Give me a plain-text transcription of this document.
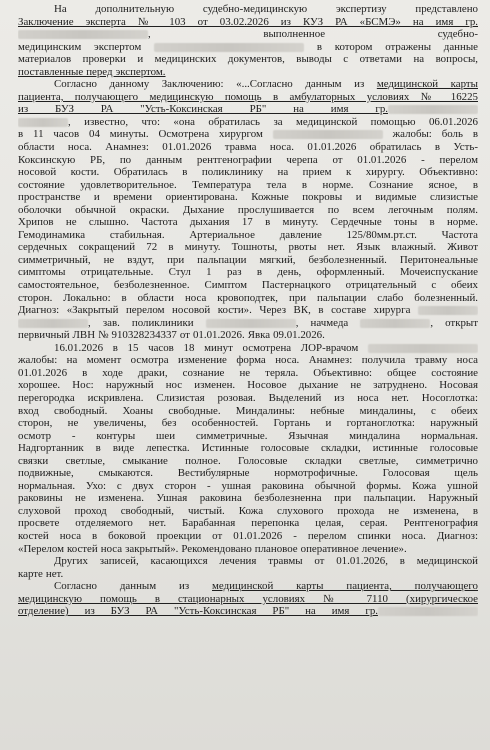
На дополнительную судебно-медицинскую экспертизу представлено
Заключение эксперта № 103 от 03.02.2026 из КУЗ РА «БСМЭ» на имя гр.
, выполненное судебно-
медицинским экспертом	в котором отражены данные
материалов проверки и медицинских документов, выводы с ответами на вопросы,
поставленные перед экспертом.
Согласно данному Заключению: «...Согласно данным из медицинской карты
пациента, получающего медицинскую помощь в амбулаторных условиях № 16225
из БУЗ РА "Усть-Коксинская РБ" на имя гр.
, известно, что: «она обратилась за медицинской помощью 06.01.2026
в 11 часов 04 минуты. Осмотрена хирургом	жалобы: боль в
области носа. Анамнез: 01.01.2026 травма носа. 01.01.2026 обратилась в Усть-
Коксинскую РБ, по данным рентгенографии черепа от 01.01.2026 - перелом
носовой кости. Обратилась в поликлинику на прием к хирургу. Объективно:
состояние удовлетворительное. Температура тела в норме. Сознание ясное, в
пространстве и времени ориентирована. Кожные покровы и видимые слизистые
оболочки обычной окраски. Дыхание прослушивается по всем легочным полям.
Хрипов не слышно. Частота дыхания 17 в минуту. Сердечные тоны в норме.
Гемодинамика стабильная. Артериальное давление 125/80мм.рт.ст. Частота
сердечных сокращений 72 в минуту. Тошноты, рвоты нет. Язык влажный. Живот
симметричный, не вздут, при пальпации мягкий, безболезненный. Перитонеальные
симптомы отрицательные. Стул 1 раз в день, оформленный. Мочеиспускание
самостоятельное, безболезненное. Симптом Пастернацкого отрицательный с обеих
сторон. Локально: в области носа кровоподтек, при пальпации слабо болезненный.
Диагноз: «Закрытый перелом носовой кости». Через ВК, в составе хирурга
, зав. поликлиники	, начмеда	, открыт
первичный ЛВН № 910328234337 от 01.01.2026. Явка 09.01.2026.
16.01.2026 в 15 часов 18 минут осмотрена ЛОР-врачом
жалобы: на момент осмотра изменение форма носа. Анамнез: получила травму носа
01.01.2026 в ходе драки, сознание не теряла. Объективно: общее состояние
хорошее. Нос: наружный нос изменен. Носовое дыхание не затруднено. Носовая
перегородка искривлена. Слизистая розовая. Выделений из носа нет. Носоглотка:
вход свободный. Хоаны свободные. Миндалины: небные миндалины, с обеих
сторон, не увеличены, без особенностей. Гортань и гортаноглотка: наружный
осмотр - контуры шеи симметричные. Язычная миндалина нормальная.
Надгортанник в виде лепестка. Истинные голосовые складки, истинные голосовые
связки светлые, смыкание полное. Голосовые складки светлые, симметрично
подвижные, смыкаются. Вестибулярные нормотрофичные. Голосовая щель
нормальная. Ухо: с двух сторон - ушная раковина обычной формы. Кожа ушной
раковины не изменена. Ушная раковина безболезненна при пальпации. Наружный
слуховой проход свободный, чистый. Кожа слухового прохода не изменена, в
просвете отделяемого нет. Барабанная перепонка целая, серая. Рентгенография
костей носа в боковой проекции от 01.01.2026 - перелом спинки носа. Диагноз:
«Перелом костей носа закрытый». Рекомендовано плановое оперативное лечение».
Других записей, касающихся лечения травмы от 01.01.2026, в медицинской
карте нет.
Согласно данным из медицинской карты пациента, получающего
медицинскую помощь в стационарных условиях № 7110 (хирургическое
отделение) из БУЗ РА "Усть-Коксинская РБ" на имя гр.
